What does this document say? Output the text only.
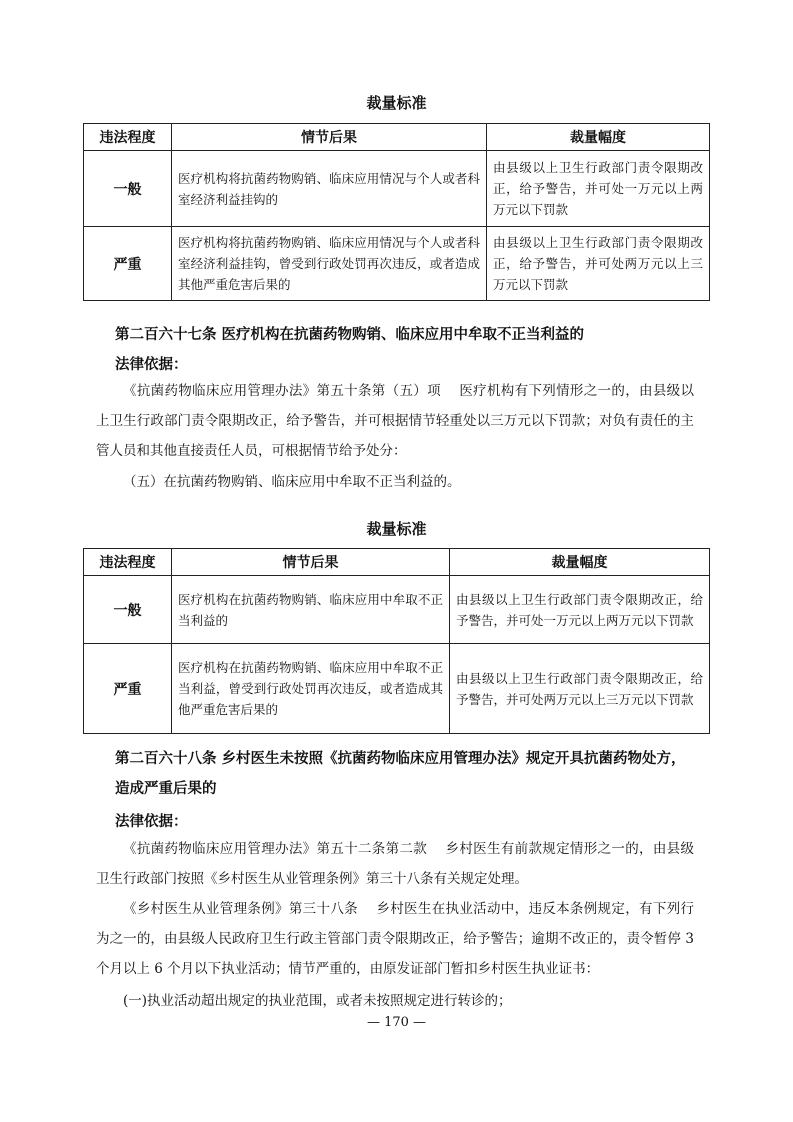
裁量标准
违法程度	情节后果	裁量幅度
一般	医疗机构将抗菌药物购销、临床应用情况与个人或者科室经济利益挂钩的	由县级以上卫生行政部门责令限期改正，给予警告，并可处一万元以上两万元以下罚款
严重	医疗机构将抗菌药物购销、临床应用情况与个人或者科室经济利益挂钩，曾受到行政处罚再次违反，或者造成其他严重危害后果的	由县级以上卫生行政部门责令限期改正，给予警告，并可处两万元以上三万元以下罚款
第二百六十七条 医疗机构在抗菌药物购销、临床应用中牟取不正当利益的
法律依据：
《抗菌药物临床应用管理办法》第五十条第（五）项　 医疗机构有下列情形之一的，由县级以上卫生行政部门责令限期改正，给予警告，并可根据情节轻重处以三万元以下罚款；对负有责任的主管人员和其他直接责任人员，可根据情节给予处分：
（五）在抗菌药物购销、临床应用中牟取不正当利益的。
裁量标准
违法程度	情节后果	裁量幅度
一般	医疗机构在抗菌药物购销、临床应用中牟取不正当利益的	由县级以上卫生行政部门责令限期改正，给予警告，并可处一万元以上两万元以下罚款
严重	医疗机构在抗菌药物购销、临床应用中牟取不正当利益，曾受到行政处罚再次违反，或者造成其他严重危害后果的	由县级以上卫生行政部门责令限期改正，给予警告，并可处两万元以上三万元以下罚款
第二百六十八条 乡村医生未按照《抗菌药物临床应用管理办法》规定开具抗菌药物处方，造成严重后果的
法律依据：
《抗菌药物临床应用管理办法》第五十二条第二款　 乡村医生有前款规定情形之一的，由县级卫生行政部门按照《乡村医生从业管理条例》第三十八条有关规定处理。
《乡村医生从业管理条例》第三十八条　 乡村医生在执业活动中，违反本条例规定，有下列行为之一的，由县级人民政府卫生行政主管部门责令限期改正，给予警告；逾期不改正的，责令暂停 3 个月以上 6 个月以下执业活动；情节严重的，由原发证部门暂扣乡村医生执业证书：
(一)执业活动超出规定的执业范围，或者未按照规定进行转诊的；
— 170 —
